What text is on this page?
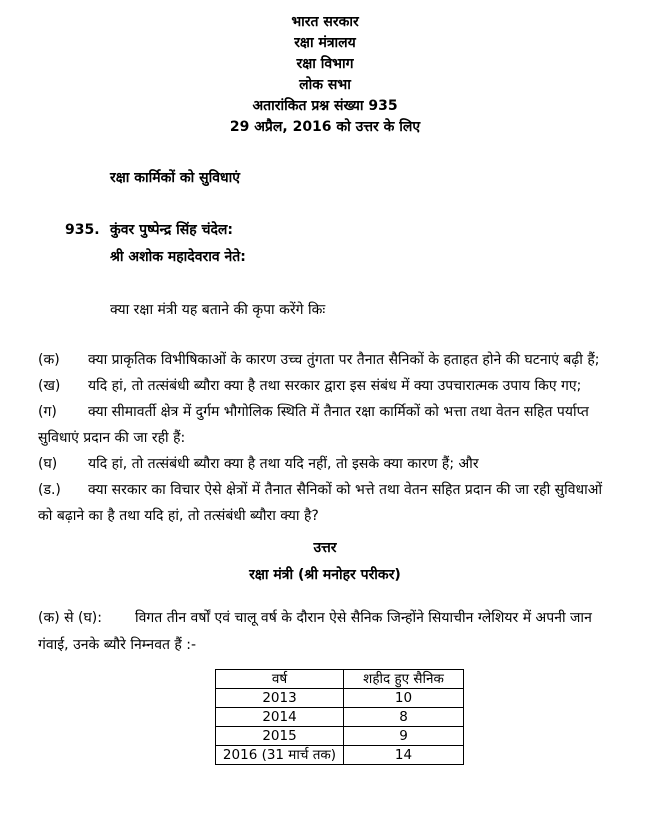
भारत सरकार
रक्षा मंत्रालय
रक्षा विभाग
लोक सभा
अतारांकित प्रश्न संख्या 935
29 अप्रैल, 2016 को उत्तर के लिए
रक्षा कार्मिकों को सुविधाएं
935. कुंवर पुष्पेन्द्र सिंह चंदेल:
श्री अशोक महादेवराव नेते:
क्या रक्षा मंत्री यह बताने की कृपा करेंगे किः

(क) क्या प्राकृतिक विभीषिकाओं के कारण उच्च तुंगता पर तैनात सैनिकों के हताहत होने की घटनाएं बढ़ी हैं;

(ख) यदि हां, तो तत्संबंधी ब्यौरा क्या है तथा सरकार द्वारा इस संबंध में क्या उपचारात्मक उपाय किए गए;

(ग) क्या सीमावर्ती क्षेत्र में दुर्गम भौगोलिक स्थिति में तैनात रक्षा कार्मिकों को भत्ता तथा वेतन सहित पर्याप्त सुविधाएं प्रदान की जा रही हैं:

(घ) यदि हां, तो तत्संबंधी ब्यौरा क्या है तथा यदि नहीं, तो इसके क्या कारण हैं; और

(ड.) क्या सरकार का विचार ऐसे क्षेत्रों में तैनात सैनिकों को भत्ते तथा वेतन सहित प्रदान की जा रही सुविधाओं को बढ़ाने का है तथा यदि हां, तो तत्संबंधी ब्यौरा क्या है?

उत्तर
रक्षा मंत्री (श्री मनोहर परीकर)
(क) से (घ): विगत तीन वर्षों एवं चालू वर्ष के दौरान ऐसे सैनिक जिन्होंने सियाचीन ग्लेशियर में अपनी जान गंवाई, उनके ब्यौरे निम्नवत हैं :-
वर्ष	शहीद हुए सैनिक
2013	10
2014	8
2015	9
2016 (31 मार्च तक)	14
